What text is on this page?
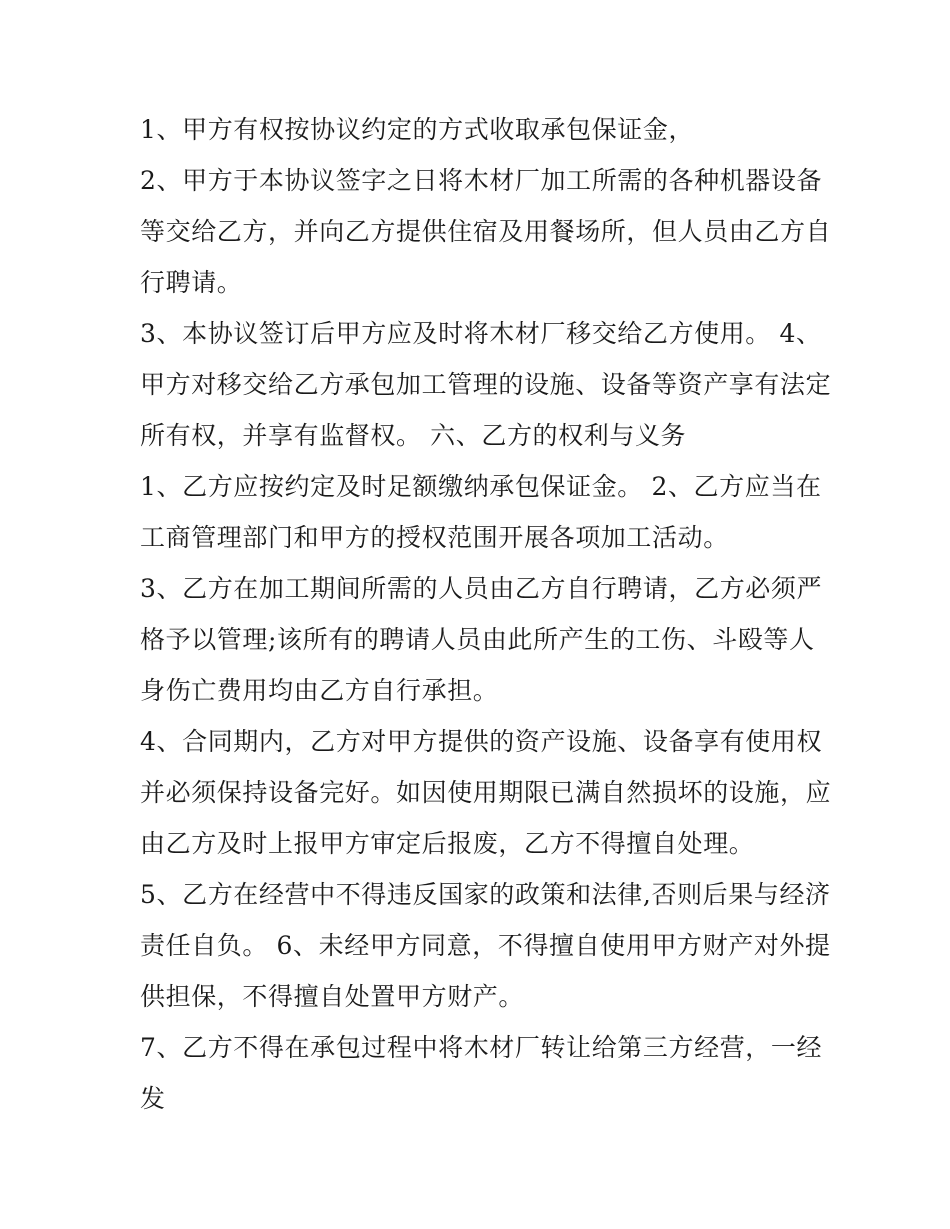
1、甲方有权按协议约定的方式收取承包保证金，
2、甲方于本协议签字之日将木材厂加工所需的各种机器设备
等交给乙方，并向乙方提供住宿及用餐场所，但人员由乙方自
行聘请。
3、本协议签订后甲方应及时将木材厂移交给乙方使用。 4、
甲方对移交给乙方承包加工管理的设施、设备等资产享有法定
所有权，并享有监督权。 六、乙方的权利与义务
1、乙方应按约定及时足额缴纳承包保证金。 2、乙方应当在
工商管理部门和甲方的授权范围开展各项加工活动。
3、乙方在加工期间所需的人员由乙方自行聘请，乙方必须严
格予以管理;该所有的聘请人员由此所产生的工伤、斗殴等人
身伤亡费用均由乙方自行承担。
4、合同期内，乙方对甲方提供的资产设施、设备享有使用权
并必须保持设备完好。如因使用期限已满自然损坏的设施，应
由乙方及时上报甲方审定后报废，乙方不得擅自处理。
5、乙方在经营中不得违反国家的政策和法律,否则后果与经济
责任自负。 6、未经甲方同意，不得擅自使用甲方财产对外提
供担保，不得擅自处置甲方财产。
7、乙方不得在承包过程中将木材厂转让给第三方经营，一经
发
